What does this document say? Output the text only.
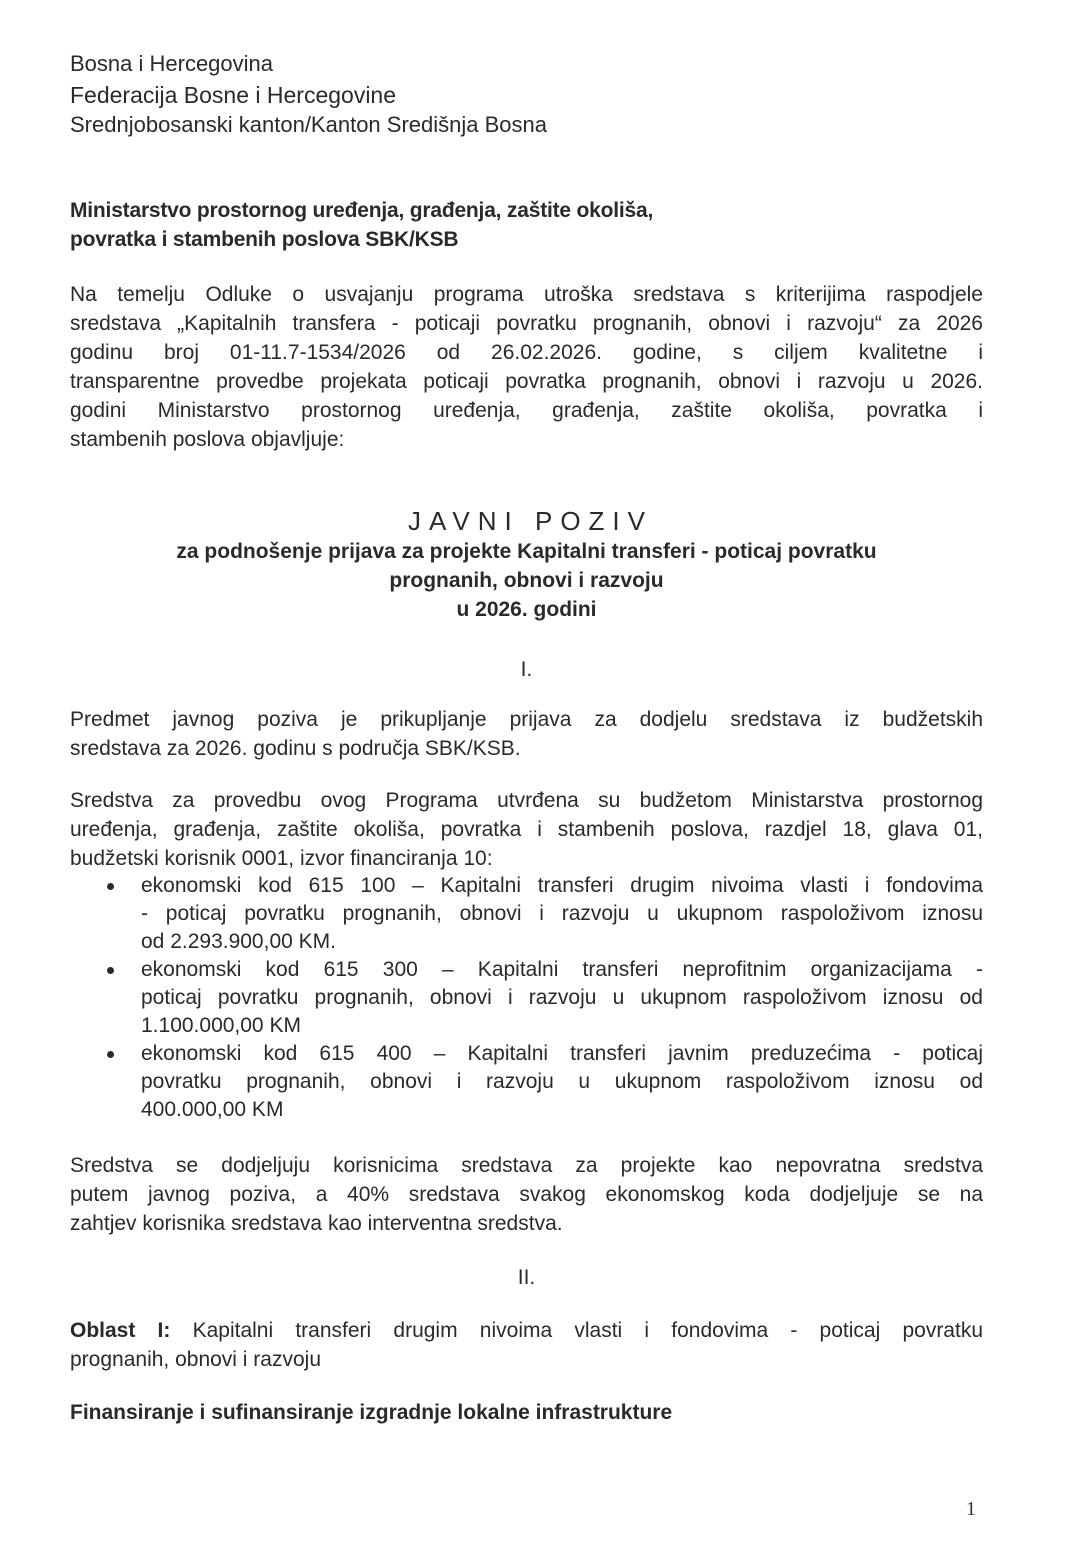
Bosna i Hercegovina
Federacija Bosne i Hercegovine
Srednjobosanski kanton/Kanton Središnja Bosna
Ministarstvo prostornog uređenja, građenja, zaštite okoliša,
povratka i stambenih poslova SBK/KSB
Na temelju Odluke o usvajanju programa utroška sredstava s kriterijima raspodjele
sredstava „Kapitalnih transfera - poticaji povratku prognanih, obnovi i razvoju“ za 2026
godinu broj 01-11.7-1534/2026 od 26.02.2026. godine, s ciljem kvalitetne i
transparentne provedbe projekata poticaji povratka prognanih, obnovi i razvoju u 2026.
godini Ministarstvo prostornog uređenja, građenja, zaštite okoliša, povratka i
stambenih poslova objavljuje:
JAVNI POZIV
za podnošenje prijava za projekte Kapitalni transferi - poticaj povratku
prognanih, obnovi i razvoju
u 2026. godini
I.
Predmet javnog poziva je prikupljanje prijava za dodjelu sredstava iz budžetskih
sredstava za 2026. godinu s područja SBK/KSB.
Sredstva za provedbu ovog Programa utvrđena su budžetom Ministarstva prostornog
uređenja, građenja, zaštite okoliša, povratka i stambenih poslova, razdjel 18, glava 01,
budžetski korisnik 0001, izvor financiranja 10:
ekonomski kod 615 100 – Kapitalni transferi drugim nivoima vlasti i fondovima
- poticaj povratku prognanih, obnovi i razvoju u ukupnom raspoloživom iznosu
od 2.293.900,00 KM.
ekonomski kod 615 300 – Kapitalni transferi neprofitnim organizacijama -
poticaj povratku prognanih, obnovi i razvoju u ukupnom raspoloživom iznosu od
1.100.000,00 KM
ekonomski kod 615 400 – Kapitalni transferi javnim preduzećima - poticaj
povratku prognanih, obnovi i razvoju u ukupnom raspoloživom iznosu od
400.000,00 KM
Sredstva se dodjeljuju korisnicima sredstava za projekte kao nepovratna sredstva
putem javnog poziva, a 40% sredstava svakog ekonomskog koda dodjeljuje se na
zahtjev korisnika sredstava kao interventna sredstva.
II.
Oblast I: Kapitalni transferi drugim nivoima vlasti i fondovima - poticaj povratku
prognanih, obnovi i razvoju
Finansiranje i sufinansiranje izgradnje lokalne infrastrukture
1
